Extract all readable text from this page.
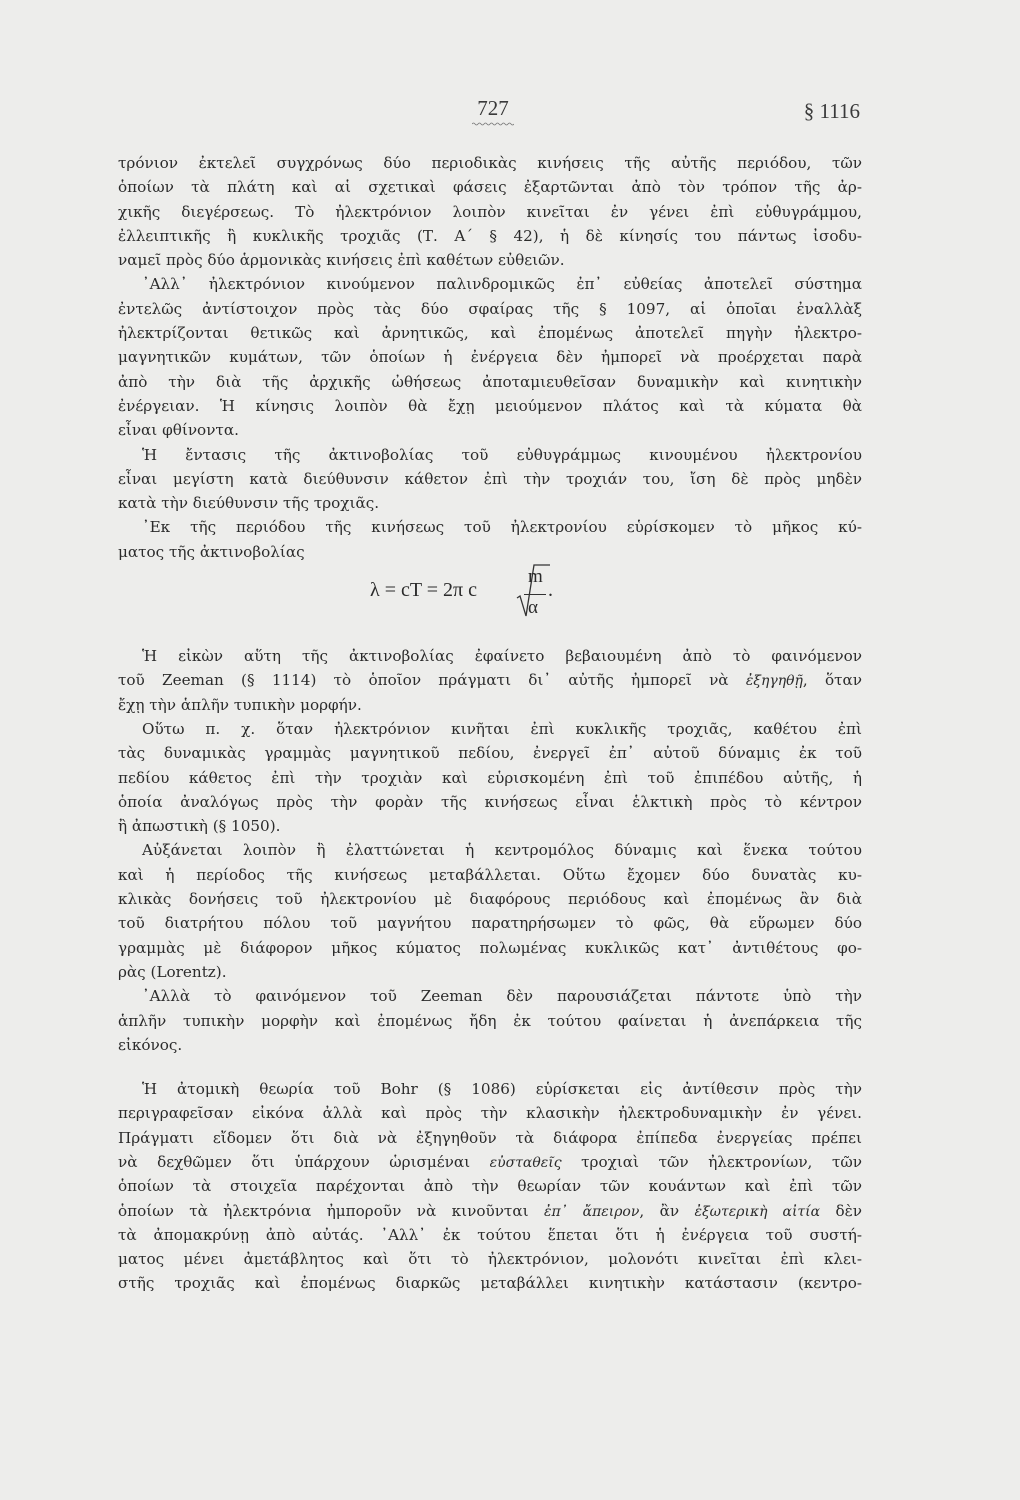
727	§ 1116
τρόνιον ἐκτελεῖ συγχρόνως δύο περιοδικὰς κινήσεις τῆς αὐτῆς περιόδου, τῶν
ὁποίων τὰ πλάτη καὶ αἱ σχετικαὶ φάσεις ἐξαρτῶνται ἀπὸ τὸν τρόπον τῆς ἀρ-
χικῆς διεγέρσεως. Τὸ ἠλεκτρόνιον λοιπὸν κινεῖται ἐν γένει ἐπὶ εὐθυγράμμου,
ἐλλειπτικῆς ἢ κυκλικῆς τροχιᾶς (Τ. Α΄ § 42), ἡ δὲ κίνησίς του πάντως ἰσοδυ-
ναμεῖ πρὸς δύο ἁρμονικὰς κινήσεις ἐπὶ καθέτων εὐθειῶν.
᾿Αλλ᾿ ἠλεκτρόνιον κινούμενον παλινδρομικῶς ἐπ᾿ εὐθείας ἀποτελεῖ σύστημα
ἐντελῶς ἀντίστοιχον πρὸς τὰς δύο σφαίρας τῆς § 1097, αἱ ὁποῖαι ἐναλλὰξ
ἠλεκτρίζονται θετικῶς καὶ ἀρνητικῶς, καὶ ἐπομένως ἀποτελεῖ πηγὴν ἠλεκτρο-
μαγνητικῶν κυμάτων, τῶν ὁποίων ἡ ἐνέργεια δὲν ἠμπορεῖ νὰ προέρχεται παρὰ
ἀπὸ τὴν διὰ τῆς ἀρχικῆς ὠθήσεως ἀποταμιευθεῖσαν δυναμικὴν καὶ κινητικὴν
ἐνέργειαν. Ἡ κίνησις λοιπὸν θὰ ἔχῃ μειούμενον πλάτος καὶ τὰ κύματα θὰ
εἶναι φθίνοντα.
Ἡ ἔντασις τῆς ἀκτινοβολίας τοῦ εὐθυγράμμως κινουμένου ἠλεκτρονίου
εἶναι μεγίστη κατὰ διεύθυνσιν κάθετον ἐπὶ τὴν τροχιάν του, ἴση δὲ πρὸς μηδὲν
κατὰ τὴν διεύθυνσιν τῆς τροχιᾶς.
᾿Εκ τῆς περιόδου τῆς κινήσεως τοῦ ἠλεκτρονίου εὑρίσκομεν τὸ μῆκος κύ-
ματος τῆς ἀκτινοβολίας
λ = cT = 2π c
m
α
.
Ἡ εἰκὼν αὕτη τῆς ἀκτινοβολίας ἐφαίνετο βεβαιουμένη ἀπὸ τὸ φαινόμενον
τοῦ Zeeman (§ 1114) τὸ ὁποῖον πράγματι δι᾿ αὐτῆς ἠμπορεῖ νὰ ἐξηγηθῇ, ὅταν
ἔχῃ τὴν ἁπλῆν τυπικὴν μορφήν.
Οὕτω π. χ. ὅταν ἠλεκτρόνιον κινῆται ἐπὶ κυκλικῆς τροχιᾶς, καθέτου ἐπὶ
τὰς δυναμικὰς γραμμὰς μαγνητικοῦ πεδίου, ἐνεργεῖ ἐπ᾿ αὐτοῦ δύναμις ἐκ τοῦ
πεδίου κάθετος ἐπὶ τὴν τροχιὰν καὶ εὑρισκομένη ἐπὶ τοῦ ἐπιπέδου αὐτῆς, ἡ
ὁποία ἀναλόγως πρὸς τὴν φορὰν τῆς κινήσεως εἶναι ἑλκτικὴ πρὸς τὸ κέντρον
ἢ ἀπωστικὴ (§ 1050).
Αὐξάνεται λοιπὸν ἢ ἐλαττώνεται ἡ κεντρομόλος δύναμις καὶ ἕνεκα τούτου
καὶ ἡ περίοδος τῆς κινήσεως μεταβάλλεται. Οὕτω ἔχομεν δύο δυνατὰς κυ-
κλικὰς δονήσεις τοῦ ἠλεκτρονίου μὲ διαφόρους περιόδους καὶ ἐπομένως ἂν διὰ
τοῦ διατρήτου πόλου τοῦ μαγνήτου παρατηρήσωμεν τὸ φῶς, θὰ εὕρωμεν δύο
γραμμὰς μὲ διάφορον μῆκος κύματος πολωμένας κυκλικῶς κατ᾿ ἀντιθέτους φο-
ρὰς (Lorentz).
᾿Αλλὰ τὸ φαινόμενον τοῦ Zeeman δὲν παρουσιάζεται πάντοτε ὑπὸ τὴν
ἁπλῆν τυπικὴν μορφὴν καὶ ἐπομένως ἤδη ἐκ τούτου φαίνεται ἡ ἀνεπάρκεια τῆς
εἰκόνος.
Ἡ ἀτομικὴ θεωρία τοῦ Bohr (§ 1086) εὑρίσκεται εἰς ἀντίθεσιν πρὸς τὴν
περιγραφεῖσαν εἰκόνα ἀλλὰ καὶ πρὸς τὴν κλασικὴν ἠλεκτροδυναμικὴν ἐν γένει.
Πράγματι εἴδομεν ὅτι διὰ νὰ ἐξηγηθοῦν τὰ διάφορα ἐπίπεδα ἐνεργείας πρέπει
νὰ δεχθῶμεν ὅτι ὑπάρχουν ὡρισμέναι εὐσταθεῖς τροχιαὶ τῶν ἠλεκτρονίων, τῶν
ὁποίων τὰ στοιχεῖα παρέχονται ἀπὸ τὴν θεωρίαν τῶν κουάντων καὶ ἐπὶ τῶν
ὁποίων τὰ ἠλεκτρόνια ἠμποροῦν νὰ κινοῦνται ἐπ᾿ ἄπειρον, ἂν ἐξωτερικὴ αἰτία δὲν
τὰ ἀπομακρύνῃ ἀπὸ αὐτάς. ᾿Αλλ᾿ ἐκ τούτου ἕπεται ὅτι ἡ ἐνέργεια τοῦ συστή-
ματος μένει ἀμετάβλητος καὶ ὅτι τὸ ἠλεκτρόνιον, μολονότι κινεῖται ἐπὶ κλει-
στῆς τροχιᾶς καὶ ἐπομένως διαρκῶς μεταβάλλει κινητικὴν κατάστασιν (κεντρο-
